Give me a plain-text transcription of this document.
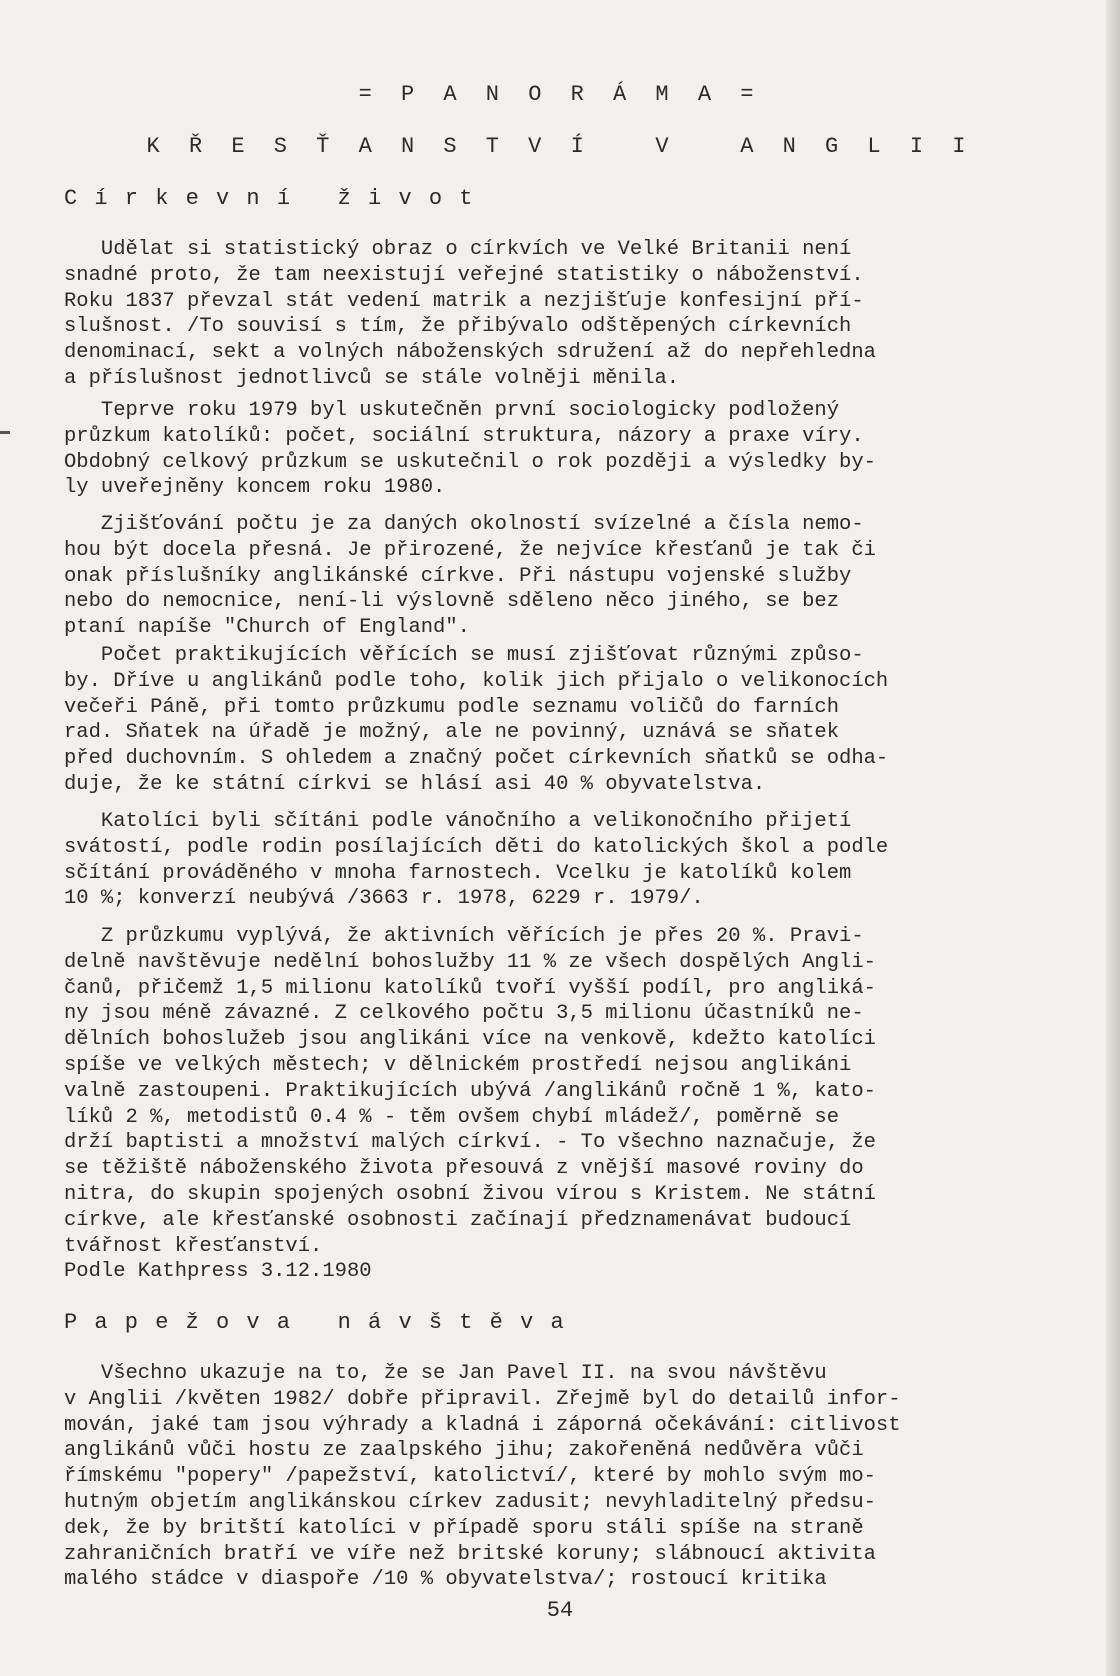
= P A N O R Á M A =
K Ř E S Ť A N S T V Í   V   A N G L I I
C í r k e v n í   ž i v o t
Udělat si statistický obraz o církvích ve Velké Britanii není
snadné proto, že tam neexistují veřejné statistiky o náboženství.
Roku 1837 převzal stát vedení matrik a nezjišťuje konfesijní pří-
slušnost. /To souvisí s tím, že přibývalo odštěpených církevních
denominací, sekt a volných náboženských sdružení až do nepřehledna
a příslušnost jednotlivců se stále volněji měnila.
Teprve roku 1979 byl uskutečněn první sociologicky podložený
průzkum katolíků: počet, sociální struktura, názory a praxe víry.
Obdobný celkový průzkum se uskutečnil o rok později a výsledky by-
ly uveřejněny koncem roku 1980.
Zjišťování počtu je za daných okolností svízelné a čísla nemo-
hou být docela přesná. Je přirozené, že nejvíce křesťanů je tak či
onak příslušníky anglikánské církve. Při nástupu vojenské služby
nebo do nemocnice, není-li výslovně sděleno něco jiného, se bez
ptaní napíše "Church of England".
Počet praktikujících věřících se musí zjišťovat různými způso-
by. Dříve u anglikánů podle toho, kolik jich přijalo o velikonocích
večeři Páně, při tomto průzkumu podle seznamu voličů do farních
rad. Sňatek na úřadě je možný, ale ne povinný, uznává se sňatek
před duchovním. S ohledem a značný počet církevních sňatků se odha-
duje, že ke státní církvi se hlásí asi 40 % obyvatelstva.
Katolíci byli sčítáni podle vánočního a velikonočního přijetí
svátostí, podle rodin posílajících děti do katolických škol a podle
sčítání prováděného v mnoha farnostech. Vcelku je katolíků kolem
10 %; konverzí neubývá /3663 r. 1978, 6229 r. 1979/.
Z průzkumu vyplývá, že aktivních věřících je přes 20 %. Pravi-
delně navštěvuje nedělní bohoslužby 11 % ze všech dospělých Angli-
čanů, přičemž 1,5 milionu katolíků tvoří vyšší podíl, pro angliká-
ny jsou méně závazné. Z celkového počtu 3,5 milionu účastníků ne-
dělních bohoslužeb jsou anglikáni více na venkově, kdežto katolíci
spíše ve velkých městech; v dělnickém prostředí nejsou anglikáni
valně zastoupeni. Praktikujících ubývá /anglikánů ročně 1 %, kato-
líků 2 %, metodistů 0.4 % - těm ovšem chybí mládež/, poměrně se
drží baptisti a množství malých církví. - To všechno naznačuje, že
se těžiště náboženského života přesouvá z vnější masové roviny do
nitra, do skupin spojených osobní živou vírou s Kristem. Ne státní
církve, ale křesťanské osobnosti začínají předznamenávat budoucí
tvářnost křesťanství.
Podle Kathpress 3.12.1980
P a p e ž o v a   n á v š t ě v a
Všechno ukazuje na to, že se Jan Pavel II. na svou návštěvu
v Anglii /květen 1982/ dobře připravil. Zřejmě byl do detailů infor-
mován, jaké tam jsou výhrady a kladná i záporná očekávání: citlivost
anglikánů vůči hostu ze zaalpského jihu; zakořeněná nedůvěra vůči
římskému "popery" /papežství, katolictví/, které by mohlo svým mo-
hutným objetím anglikánskou církev zadusit; nevyhladitelný předsu-
dek, že by britští katolíci v případě sporu stáli spíše na straně
zahraničních bratří ve víře než britské koruny; slábnoucí aktivita
malého stádce v diaspoře /10 % obyvatelstva/; rostoucí kritika
54
